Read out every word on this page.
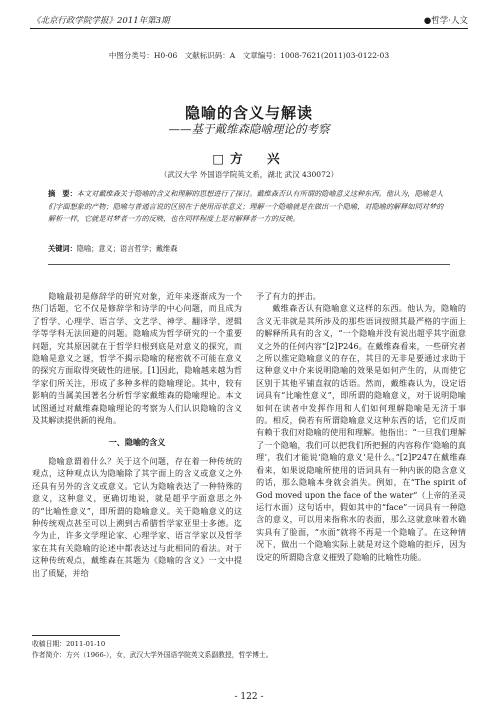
《北京行政学院学报》2011年第3期	●哲学·人文
中图分类号：H0-06　文献标识码：A　文章编号：1008-7621(2011)03-0122-03
隐喻的含义与解读
——基于戴维森隐喻理论的考察
□方　兴
（武汉大学 外国语学院英文系，湖北 武汉 430072）
摘　要：本文对戴维森关于隐喻的含义和理解的思想进行了探讨。戴维森否认有所谓的隐喻意义这种东西。他认为，隐喻是人们字面想象的产物；隐喻与普通言说的区别在于使用而非意义；理解一个隐喻就是在做出一个隐喻，对隐喻的解释如同对梦的解析一样，它就是对梦者一方的反映，也在同样程度上是对解释者一方的反映。
关键词：隐喻；意义；语言哲学；戴维森

隐喻最初是修辞学的研究对象，近年来逐渐成为一个热门话题，它不仅是修辞学和诗学的中心问题，而且成为了哲学、心理学、语言学、文艺学、神学、翻译学、逻辑学等学科无法回避的问题。隐喻成为哲学研究的一个重要问题，究其原因就在于哲学归根到底是对意义的探究，而隐喻是意义之谜，哲学不揭示隐喻的秘密就不可能在意义的探究方面取得突破性的进展。[1]因此，隐喻越来越为哲学家们所关注，形成了多种多样的隐喻理论。其中，较有影响的当属美国著名分析哲学家戴维森的隐喻理论。本文试图通过对戴维森隐喻理论的考察为人们认识隐喻的含义及其解读提供新的视角。

一、隐喻的含义

隐喻意谓着什么？关于这个问题，存在着一种传统的观点，这种观点认为隐喻除了其字面上的含义或意义之外还具有另外的含义或意义。它认为隐喻表达了一种特殊的意义，这种意义，更确切地说，就是超乎字面意思之外的“比喻性意义”，即所谓的隐喻意义。关于隐喻意义的这种传统观点甚至可以上溯到古希腊哲学家亚里士多德。迄今为止，许多文学理论家、心理学家、语言学家以及哲学家在其有关隐喻的论述中都表达过与此相同的看法。对于这种传统观点，戴维森在其题为《隐喻的含义》一文中提出了质疑，并给

予了有力的抨击。

戴维森否认有隐喻意义这样的东西。他认为，隐喻的含义无非就是其所涉及的那些语词按照其最严格的字面上的解释所具有的含义，“一个隐喻并没有说出超乎其字面意义之外的任何内容”[2]P246。在戴维森看来，一些研究者之所以推定隐喻意义的存在，其目的无非是要通过求助于这种意义中介来说明隐喻的效果是如何产生的，从而使它区别于其他平铺直叙的话语。然而，戴维森认为，设定语词具有“比喻性意义”，即所谓的隐喻意义，对于说明隐喻如何在读者中发挥作用和人们如何理解隐喻是无济于事的。相反，倘若有所谓隐喻意义这种东西的话，它们反而有赖于我们对隐喻的使用和理解。他指出：“一旦我们理解了一个隐喻，我们可以把我们所把握的内容称作‘隐喻的真理’，我们才能说‘隐喻的意义’是什么。”[2]P247在戴维森看来，如果说隐喻所使用的语词具有一种内嵌的隐含意义的话，那么隐喻本身就会消失。例如，在“The spirit of God moved upon the face of the water”（上帝的圣灵运行水面）这句话中，假如其中的“face”一词具有一种隐含的意义，可以用来指称水的表面，那么这就意味着水确实具有了脸面，“水面”就将不再是一个隐喻了。在这种情况下，做出一个隐喻实际上就是对这个隐喻的拒斥，因为设定的所谓隐含意义摧毁了隐喻的比喻性功能。

收稿日期：2011-01-10
作者简介：方兴（1966-），女，武汉大学外国语学院英文系副教授，哲学博士。
- 122 -
